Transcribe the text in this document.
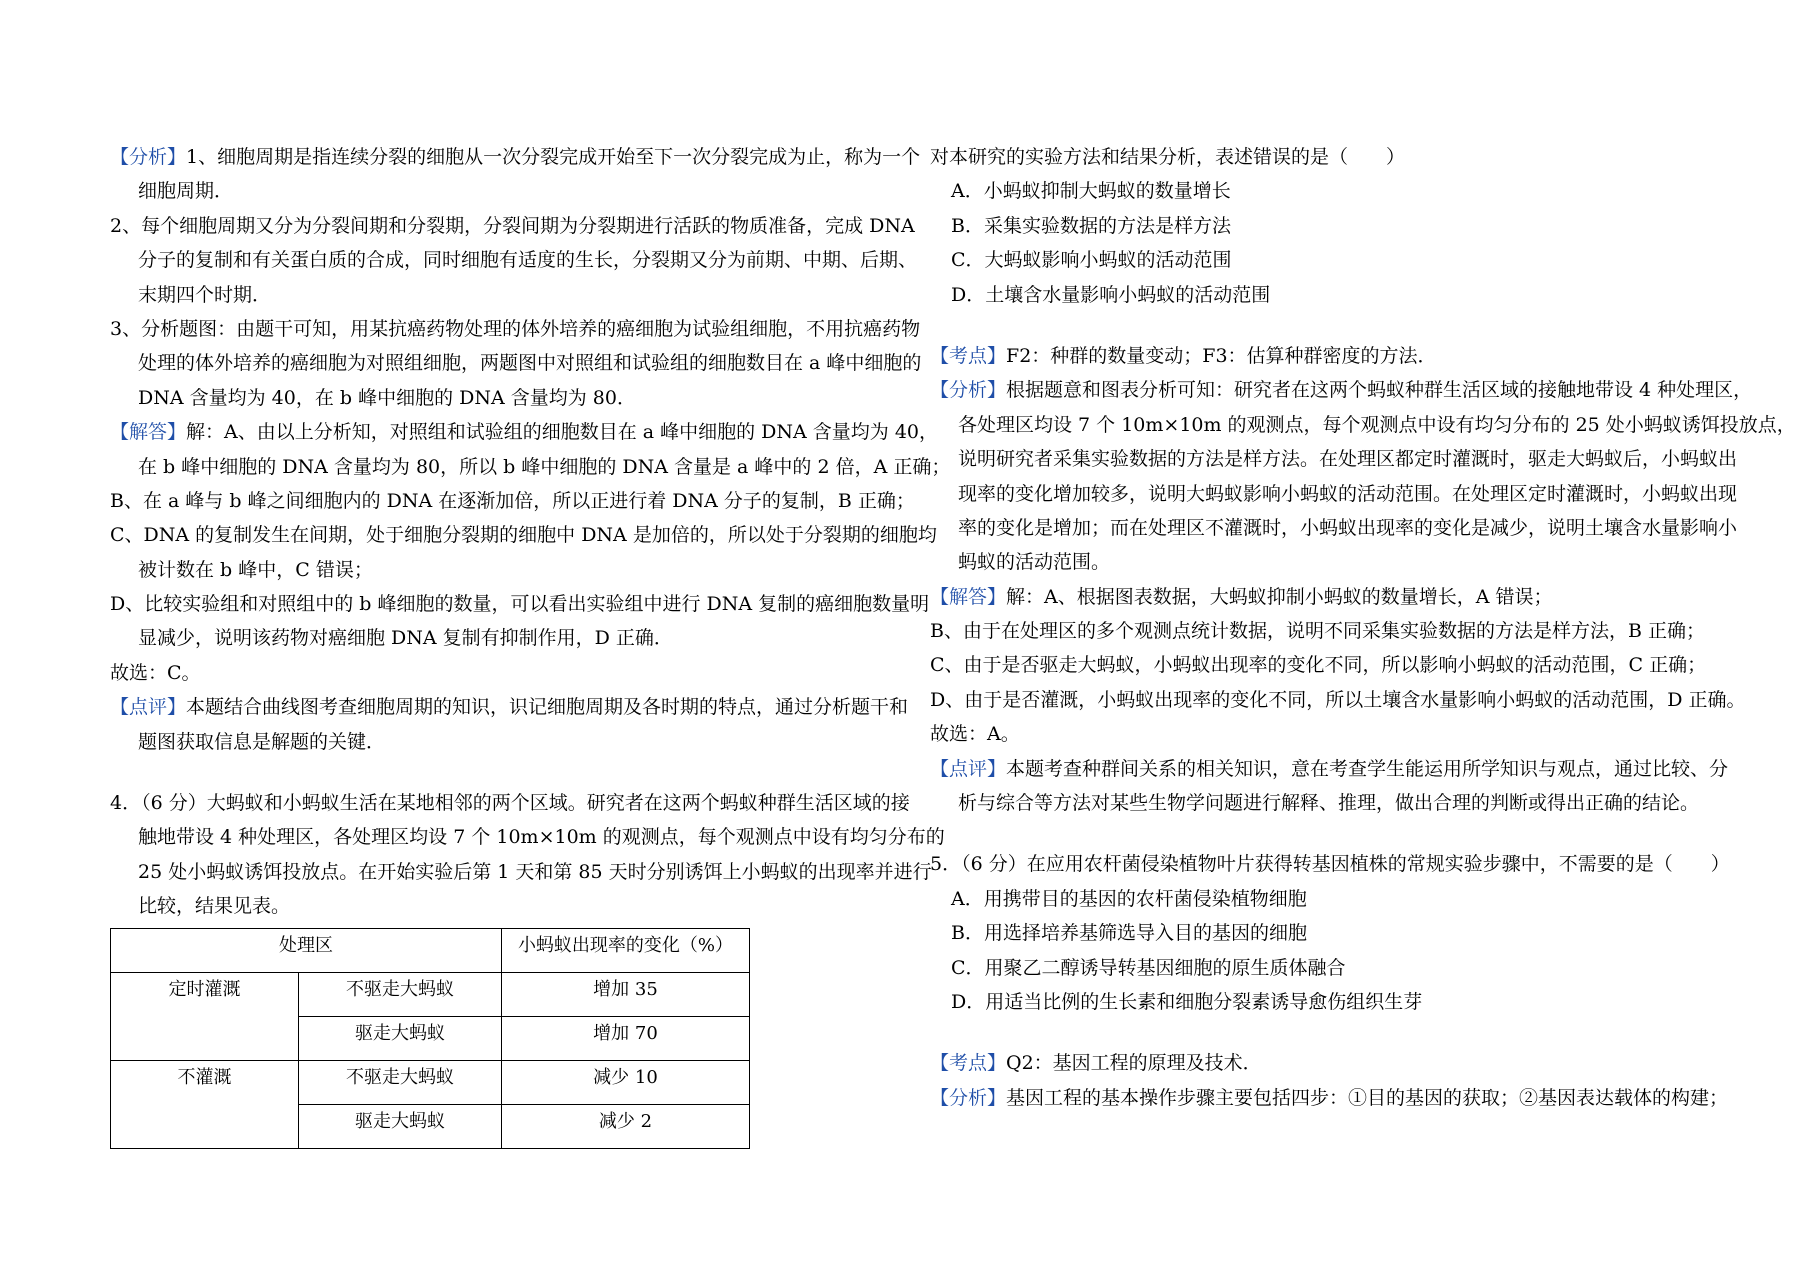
【分析】1、细胞周期是指连续分裂的细胞从一次分裂完成开始至下一次分裂完成为止，称为一个

细胞周期．

2、每个细胞周期又分为分裂间期和分裂期，分裂间期为分裂期进行活跃的物质准备，完成 DNA

分子的复制和有关蛋白质的合成，同时细胞有适度的生长，分裂期又分为前期、中期、后期、

末期四个时期．

3、分析题图：由题干可知，用某抗癌药物处理的体外培养的癌细胞为试验组细胞，不用抗癌药物

处理的体外培养的癌细胞为对照组细胞，两题图中对照组和试验组的细胞数目在 a 峰中细胞的

DNA 含量均为 40，在 b 峰中细胞的 DNA 含量均为 80．

【解答】解：A、由以上分析知，对照组和试验组的细胞数目在 a 峰中细胞的 DNA 含量均为 40，

在 b 峰中细胞的 DNA 含量均为 80，所以 b 峰中细胞的 DNA 含量是 a 峰中的 2 倍，A 正确；

B、在 a 峰与 b 峰之间细胞内的 DNA 在逐渐加倍，所以正进行着 DNA 分子的复制，B 正确；

C、DNA 的复制发生在间期，处于细胞分裂期的细胞中 DNA 是加倍的，所以处于分裂期的细胞均

被计数在 b 峰中，C 错误；

D、比较实验组和对照组中的 b 峰细胞的数量，可以看出实验组中进行 DNA 复制的癌细胞数量明

显减少，说明该药物对癌细胞 DNA 复制有抑制作用，D 正确．

故选：C。

【点评】本题结合曲线图考查细胞周期的知识，识记细胞周期及各时期的特点，通过分析题干和

题图获取信息是解题的关键．

4．（6 分）大蚂蚁和小蚂蚁生活在某地相邻的两个区域。研究者在这两个蚂蚁种群生活区域的接

触地带设 4 种处理区，各处理区均设 7 个 10m×10m 的观测点，每个观测点中设有均匀分布的

25 处小蚂蚁诱饵投放点。在开始实验后第 1 天和第 85 天时分别诱饵上小蚂蚁的出现率并进行

比较，结果见表。

处理区		小蚂蚁出现率的变化（%）
定时灌溉	不驱走大蚂蚁	增加 35
	驱走大蚂蚁	增加 70
不灌溉	不驱走大蚂蚁	减少 10
	驱走大蚂蚁	减少 2

对本研究的实验方法和结果分析，表述错误的是（　　）

A．小蚂蚁抑制大蚂蚁的数量增长

B．采集实验数据的方法是样方法

C．大蚂蚁影响小蚂蚁的活动范围

D．土壤含水量影响小蚂蚁的活动范围

【考点】F2：种群的数量变动；F3：估算种群密度的方法．

【分析】根据题意和图表分析可知：研究者在这两个蚂蚁种群生活区域的接触地带设 4 种处理区，

各处理区均设 7 个 10m×10m 的观测点，每个观测点中设有均匀分布的 25 处小蚂蚁诱饵投放点，

说明研究者采集实验数据的方法是样方法。在处理区都定时灌溉时，驱走大蚂蚁后，小蚂蚁出

现率的变化增加较多，说明大蚂蚁影响小蚂蚁的活动范围。在处理区定时灌溉时，小蚂蚁出现

率的变化是增加；而在处理区不灌溉时，小蚂蚁出现率的变化是减少，说明土壤含水量影响小

蚂蚁的活动范围。

【解答】解：A、根据图表数据，大蚂蚁抑制小蚂蚁的数量增长，A 错误；

B、由于在处理区的多个观测点统计数据，说明不同采集实验数据的方法是样方法，B 正确；

C、由于是否驱走大蚂蚁，小蚂蚁出现率的变化不同，所以影响小蚂蚁的活动范围，C 正确；

D、由于是否灌溉，小蚂蚁出现率的变化不同，所以土壤含水量影响小蚂蚁的活动范围，D 正确。

故选：A。

【点评】本题考查种群间关系的相关知识，意在考查学生能运用所学知识与观点，通过比较、分

析与综合等方法对某些生物学问题进行解释、推理，做出合理的判断或得出正确的结论。

5．（6 分）在应用农杆菌侵染植物叶片获得转基因植株的常规实验步骤中，不需要的是（　　）

A．用携带目的基因的农杆菌侵染植物细胞

B．用选择培养基筛选导入目的基因的细胞

C．用聚乙二醇诱导转基因细胞的原生质体融合

D．用适当比例的生长素和细胞分裂素诱导愈伤组织生芽

【考点】Q2：基因工程的原理及技术．

【分析】基因工程的基本操作步骤主要包括四步：①目的基因的获取；②基因表达载体的构建；
